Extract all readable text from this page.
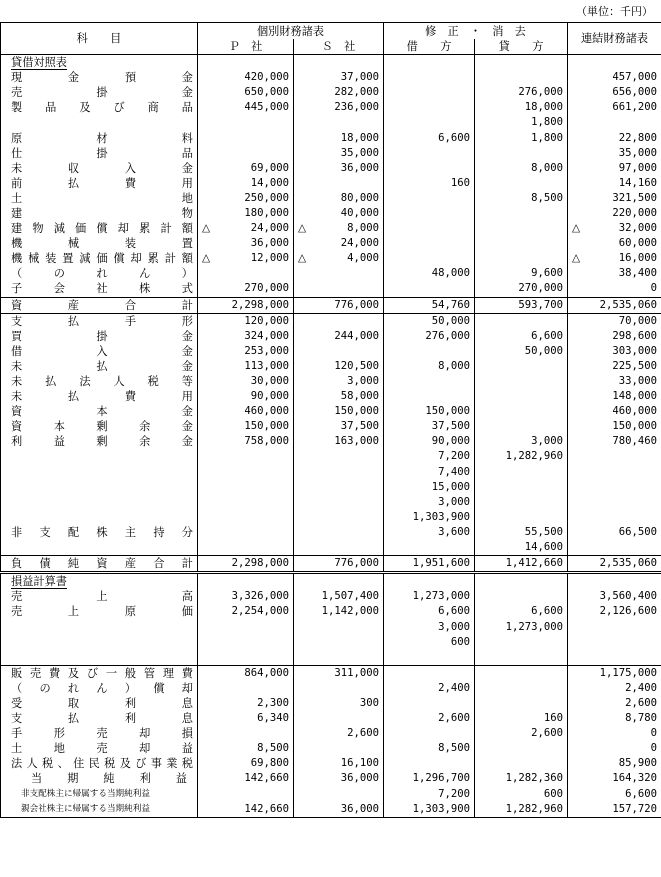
（単位：千円）
科　　目	個別財務諸表		修　正　・　消　去		連結財務諸表
	Ｐ　社	Ｓ　社	借　　方	貸　　方	
貸借対照表					
現金預金	420,000	37,000			457,000
売掛金	650,000	282,000		276,000	656,000
製品及び商品	445,000	236,000		18,000	661,200
				1,800	
原材料		18,000	6,600	1,800	22,800
仕掛品		35,000			35,000
未収入金	69,000	36,000		8,000	97,000
前払費用	14,000		160		14,160
土地	250,000	80,000		8,500	321,500
建物	180,000	40,000			220,000
建物減価償却累計額	△ 24,000	△ 8,000			△ 32,000
機械装置	36,000	24,000			60,000
機械装置減価償却累計額	△ 12,000	△ 4,000			△ 16,000
（のれん）			48,000	9,600	38,400
子会社株式	270,000			270,000	0
資産合計	2,298,000	776,000	54,760	593,700	2,535,060
支払手形	120,000		50,000		70,000
買掛金	324,000	244,000	276,000	6,600	298,600
借入金	253,000			50,000	303,000
未払金	113,000	120,500	8,000		225,500
未払法人税等	30,000	3,000			33,000
未払費用	90,000	58,000			148,000
資本金	460,000	150,000	150,000		460,000
資本剰余金	150,000	37,500	37,500		150,000
利益剰余金	758,000	163,000	90,000	3,000	780,460
			7,200	1,282,960	
			7,400		
			15,000		
			3,000		
			1,303,900		
非支配株主持分			3,600	55,500	66,500
				14,600	
負債純資産合計	2,298,000	776,000	1,951,600	1,412,660	2,535,060
損益計算書					
売上高	3,326,000	1,507,400	1,273,000		3,560,400
売上原価	2,254,000	1,142,000	6,600	6,600	2,126,600
			3,000	1,273,000	
			600		

販売費及び一般管理費	864,000	311,000			1,175,000
（のれん）償却			2,400		2,400
受取利息	2,300	300			2,600
支払利息	6,340		2,600	160	8,780
手形売却損		2,600		2,600	0
土地売却益	8,500		8,500		0
法人税、住民税及び事業税	69,800	16,100			85,900
当期純利益	142,660	36,000	1,296,700	1,282,360	164,320
非支配株主に帰属する当期純利益			7,200	600	6,600
親会社株主に帰属する当期純利益	142,660	36,000	1,303,900	1,282,960	157,720
